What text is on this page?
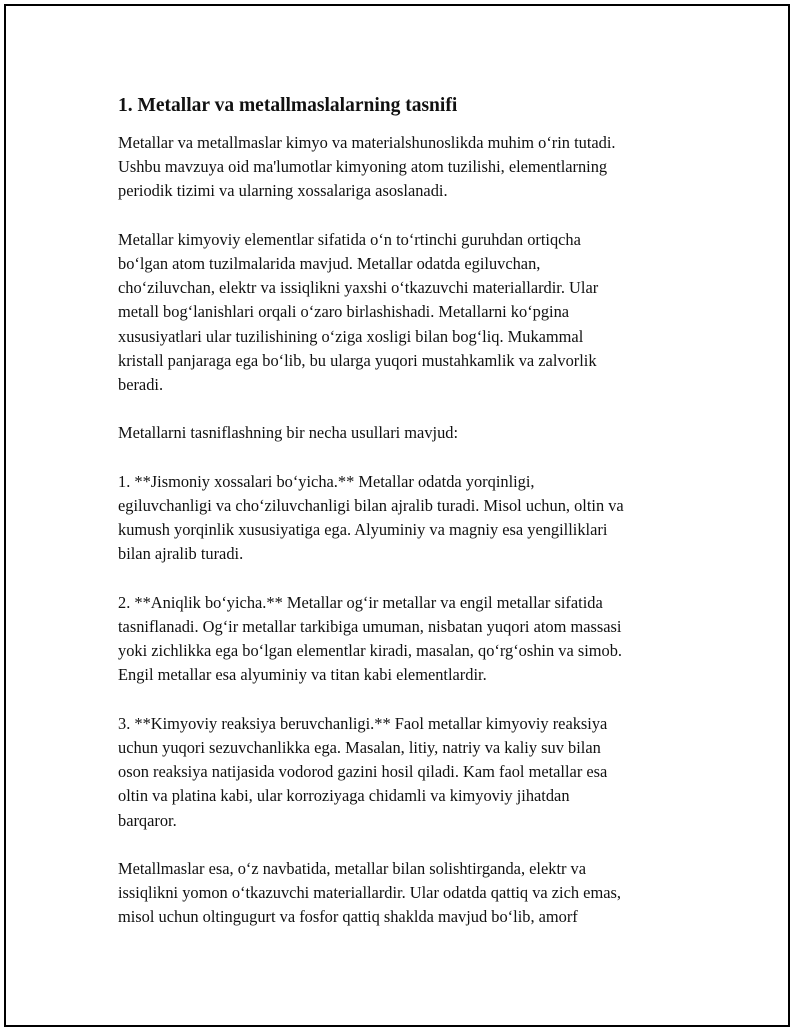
1. Metallar va metallmaslalarning tasnifi

Metallar va metallmaslar kimyo va materialshunoslikda muhim o‘rin tutadi.
Ushbu mavzuya oid ma'lumotlar kimyoning atom tuzilishi, elementlarning
periodik tizimi va ularning xossalariga asoslanadi.

Metallar kimyoviy elementlar sifatida o‘n to‘rtinchi guruhdan ortiqcha
bo‘lgan atom tuzilmalarida mavjud. Metallar odatda egiluvchan,
cho‘ziluvchan, elektr va issiqlikni yaxshi o‘tkazuvchi materiallardir. Ular
metall bog‘lanishlari orqali o‘zaro birlashishadi. Metallarni ko‘pgina
xususiyatlari ular tuzilishining o‘ziga xosligi bilan bog‘liq. Mukammal
kristall panjaraga ega bo‘lib, bu ularga yuqori mustahkamlik va zalvorlik
beradi.

Metallarni tasniflashning bir necha usullari mavjud:

1. **Jismoniy xossalari bo‘yicha.** Metallar odatda yorqinligi,
egiluvchanligi va cho‘ziluvchanligi bilan ajralib turadi. Misol uchun, oltin va
kumush yorqinlik xususiyatiga ega. Alyuminiy va magniy esa yengilliklari
bilan ajralib turadi.

2. **Aniqlik bo‘yicha.** Metallar og‘ir metallar va engil metallar sifatida
tasniflanadi. Og‘ir metallar tarkibiga umuman, nisbatan yuqori atom massasi
yoki zichlikka ega bo‘lgan elementlar kiradi, masalan, qo‘rg‘oshin va simob.
Engil metallar esa alyuminiy va titan kabi elementlardir.

3. **Kimyoviy reaksiya beruvchanligi.** Faol metallar kimyoviy reaksiya
uchun yuqori sezuvchanlikka ega. Masalan, litiy, natriy va kaliy suv bilan
oson reaksiya natijasida vodorod gazini hosil qiladi. Kam faol metallar esa
oltin va platina kabi, ular korroziyaga chidamli va kimyoviy jihatdan
barqaror.

Metallmaslar esa, o‘z navbatida, metallar bilan solishtirganda, elektr va
issiqlikni yomon o‘tkazuvchi materiallardir. Ular odatda qattiq va zich emas,
misol uchun oltingugurt va fosfor qattiq shaklda mavjud bo‘lib, amorf
